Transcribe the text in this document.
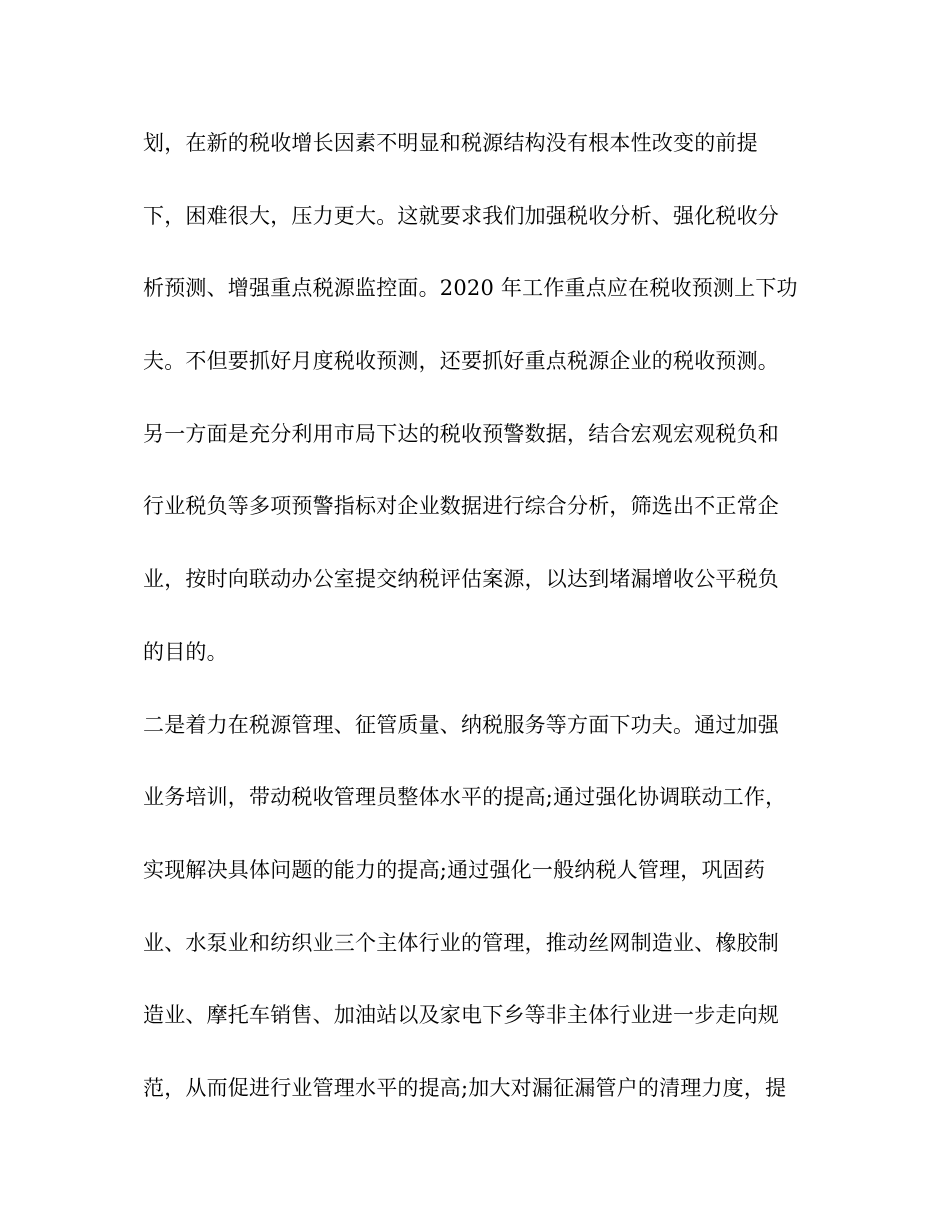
划，在新的税收增长因素不明显和税源结构没有根本性改变的前提
下，困难很大，压力更大。这就要求我们加强税收分析、强化税收分
析预测、增强重点税源监控面。2020 年工作重点应在税收预测上下功
夫。不但要抓好月度税收预测，还要抓好重点税源企业的税收预测。
另一方面是充分利用市局下达的税收预警数据，结合宏观宏观税负和
行业税负等多项预警指标对企业数据进行综合分析，筛选出不正常企
业，按时向联动办公室提交纳税评估案源，以达到堵漏增收公平税负
的目的。
二是着力在税源管理、征管质量、纳税服务等方面下功夫。通过加强
业务培训，带动税收管理员整体水平的提高;通过强化协调联动工作，
实现解决具体问题的能力的提高;通过强化一般纳税人管理，巩固药
业、水泵业和纺织业三个主体行业的管理，推动丝网制造业、橡胶制
造业、摩托车销售、加油站以及家电下乡等非主体行业进一步走向规
范，从而促进行业管理水平的提高;加大对漏征漏管户的清理力度，提
